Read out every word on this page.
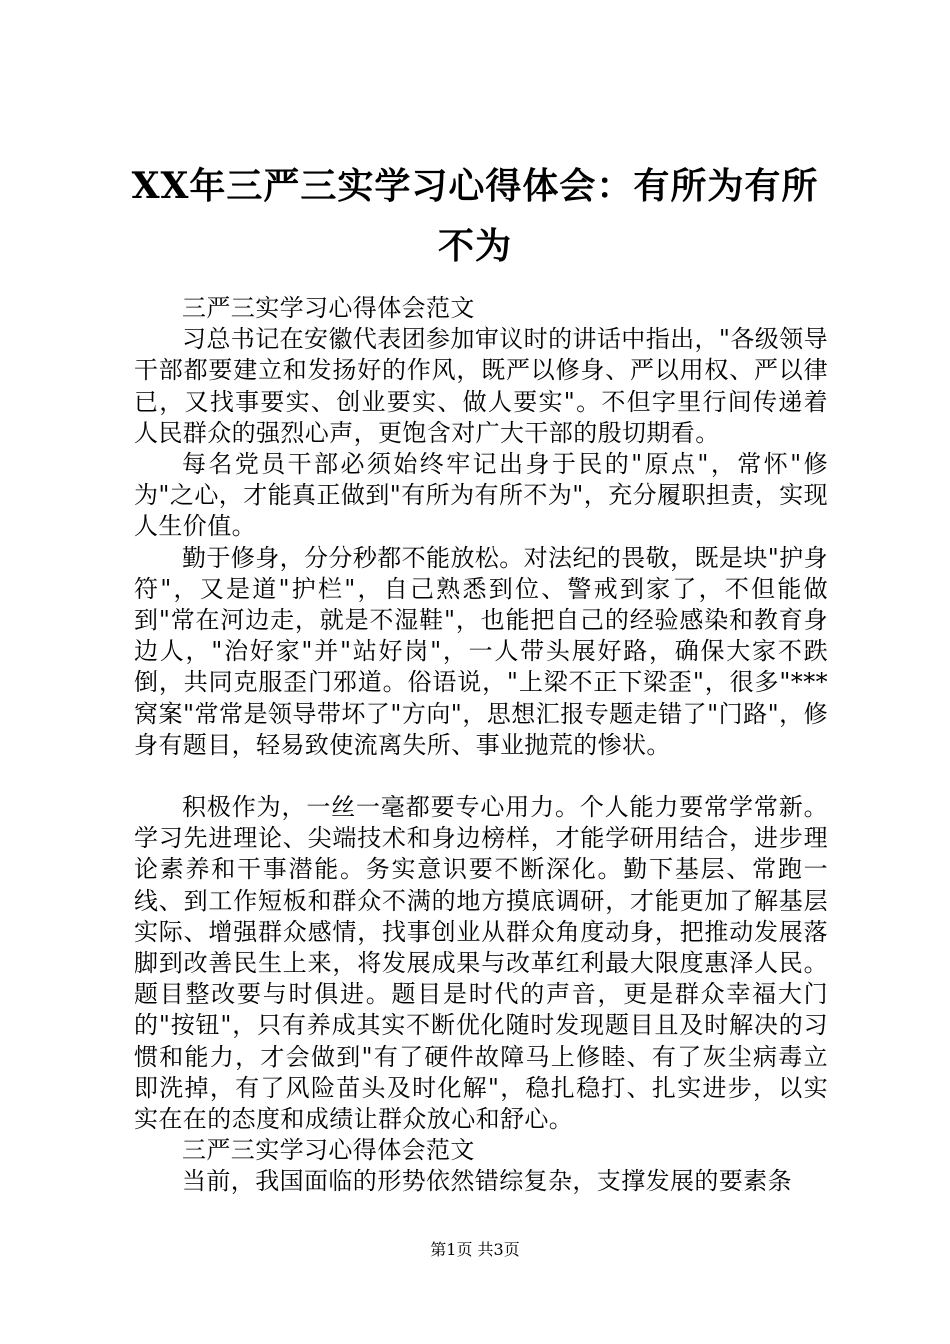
XX年三严三实学习心得体会：有所为有所不为

三严三实学习心得体会范文

习总书记在安徽代表团参加审议时的讲话中指出，"各级领导干部都要建立和发扬好的作风，既严以修身、严以用权、严以律已，又找事要实、创业要实、做人要实"。不但字里行间传递着人民群众的强烈心声，更饱含对广大干部的殷切期看。

每名党员干部必须始终牢记出身于民的"原点"，常怀"修为"之心，才能真正做到"有所为有所不为"，充分履职担责，实现人生价值。

勤于修身，分分秒都不能放松。对法纪的畏敬，既是块"护身符"，又是道"护栏"，自己熟悉到位、警戒到家了，不但能做到"常在河边走，就是不湿鞋"，也能把自己的经验感染和教育身边人，"治好家"并"站好岗"，一人带头展好路，确保大家不跌倒，共同克服歪门邪道。俗语说，"上梁不正下梁歪"，很多"***窝案"常常是领导带坏了"方向"，思想汇报专题走错了"门路"，修身有题目，轻易致使流离失所、事业抛荒的惨状。

积极作为，一丝一毫都要专心用力。个人能力要常学常新。学习先进理论、尖端技术和身边榜样，才能学研用结合，进步理论素养和干事潜能。务实意识要不断深化。勤下基层、常跑一线、到工作短板和群众不满的地方摸底调研，才能更加了解基层实际、增强群众感情，找事创业从群众角度动身，把推动发展落脚到改善民生上来，将发展成果与改革红利最大限度惠泽人民。题目整改要与时俱进。题目是时代的声音，更是群众幸福大门的"按钮"，只有养成其实不断优化随时发现题目且及时解决的习惯和能力，才会做到"有了硬件故障马上修睦、有了灰尘病毒立即洗掉，有了风险苗头及时化解"，稳扎稳打、扎实进步，以实实在在的态度和成绩让群众放心和舒心。

三严三实学习心得体会范文

当前，我国面临的形势依然错综复杂，支撑发展的要素条

第1页 共3页
